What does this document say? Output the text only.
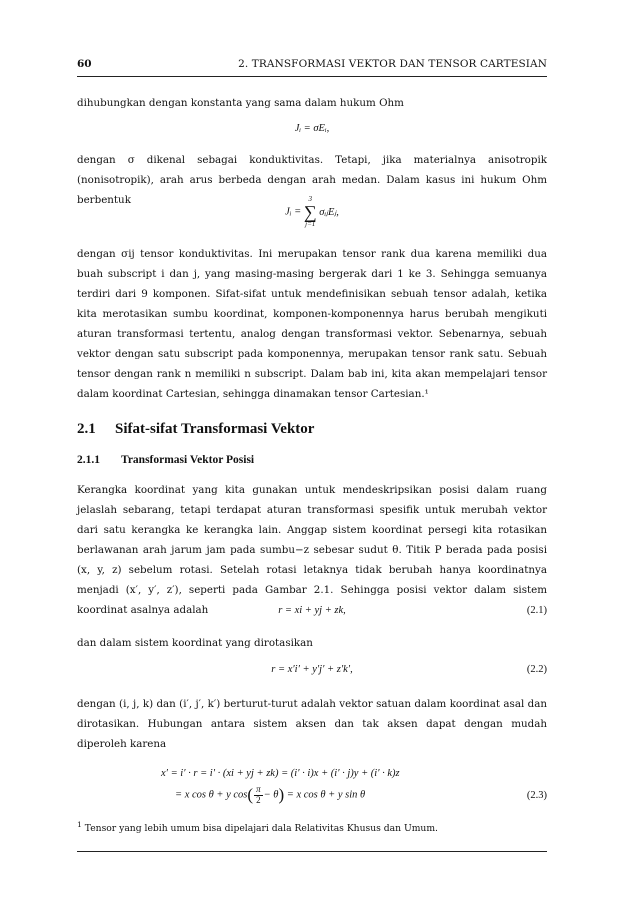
60	2. TRANSFORMASI VEKTOR DAN TENSOR CARTESIAN

dihubungkan dengan konstanta yang sama dalam hukum Ohm

Jᵢ = σEᵢ,

dengan σ dikenal sebagai konduktivitas. Tetapi, jika materialnya anisotropik (nonisotropik), arah arus berbeda dengan arah medan. Dalam kasus ini hukum Ohm berbentuk

Jᵢ =
3
∑
j=1
σᵢⱼEⱼ,

dengan σij tensor konduktivitas. Ini merupakan tensor rank dua karena memiliki dua buah subscript i dan j, yang masing-masing bergerak dari 1 ke 3. Sehingga semuanya terdiri dari 9 komponen. Sifat-sifat untuk mendefinisikan sebuah tensor adalah, ketika kita merotasikan sumbu koordinat, komponen-komponennya harus berubah mengikuti aturan transformasi tertentu, analog dengan transformasi vektor. Sebenarnya, sebuah vektor dengan satu subscript pada komponennya, merupakan tensor rank satu. Sebuah tensor dengan rank n memiliki n subscript. Dalam bab ini, kita akan mempelajari tensor dalam koordinat Cartesian, sehingga dinamakan tensor Cartesian.¹

2.1 Sifat-sifat Transformasi Vektor
2.1.1 Transformasi Vektor Posisi

Kerangka koordinat yang kita gunakan untuk mendeskripsikan posisi dalam ruang jelaslah sebarang, tetapi terdapat aturan transformasi spesifik untuk merubah vektor dari satu kerangka ke kerangka lain. Anggap sistem koordinat persegi kita rotasikan berlawanan arah jarum jam pada sumbu−z sebesar sudut θ. Titik P berada pada posisi (x, y, z) sebelum rotasi. Setelah rotasi letaknya tidak berubah hanya koordinatnya menjadi (x′, y′, z′), seperti pada Gambar 2.1. Sehingga posisi vektor dalam sistem koordinat asalnya adalah	r = xi + yj + zk,	(2.1)

dan dalam sistem koordinat yang dirotasikan

r = x′i′ + y′j′ + z′k′,	(2.2)

dengan (i, j, k) dan (i′, j′, k′) berturut-turut adalah vektor satuan dalam koordinat asal dan dirotasikan. Hubungan antara sistem aksen dan tak aksen dapat dengan mudah diperoleh karena

x′ = i′ · r = i′ · (xi + yj + zk) = (i′ · i)x + (i′ · j)y + (i′ · k)z
= x cos θ + y $\cos( \frac{\pi}{2} - \theta) = x$ cos θ + y sin θ	(2.3)
$^1$ Tensor yang lebih umum bisa dipelajari dala Relativitas Khusus dan Umum.
